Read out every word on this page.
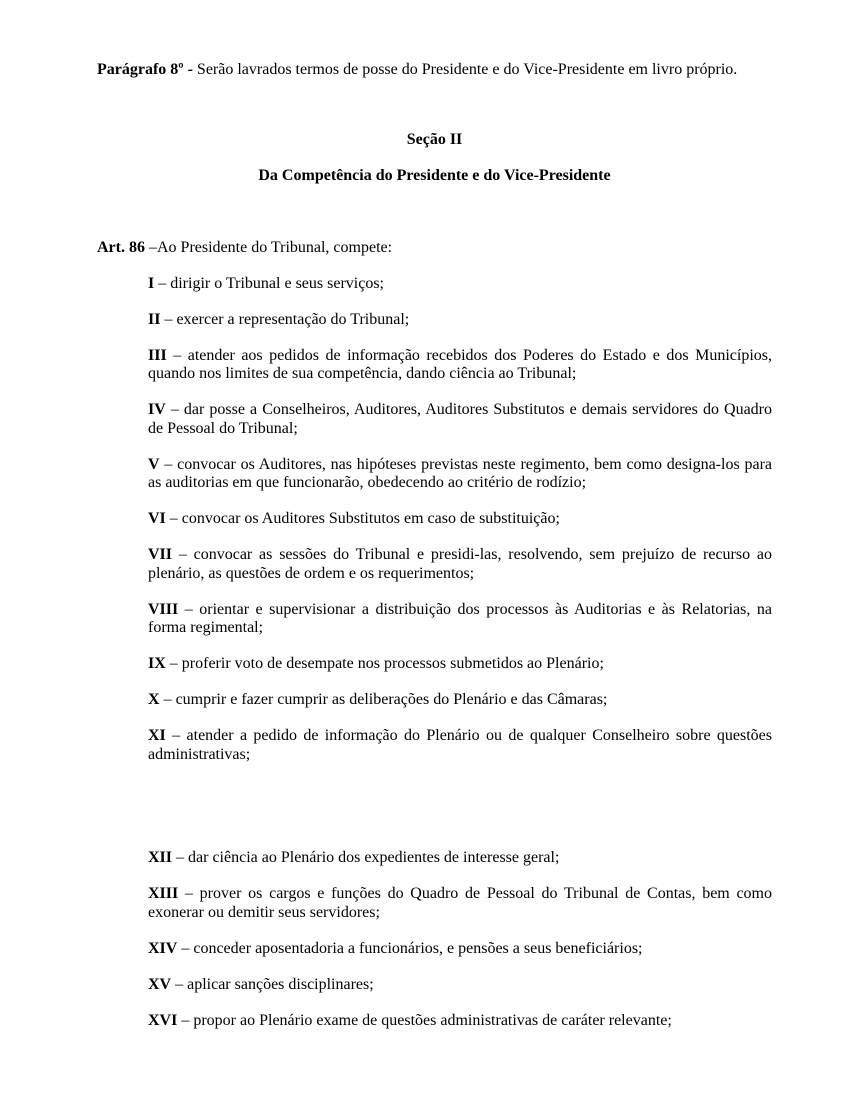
Parágrafo 8º - Serão lavrados termos de posse do Presidente e do Vice-Presidente em livro próprio.

Seção II
Da Competência do Presidente e do Vice-Presidente

Art. 86 –Ao Presidente do Tribunal, compete:

I – dirigir o Tribunal e seus serviços;

II – exercer a representação do Tribunal;

III – atender aos pedidos de informação recebidos dos Poderes do Estado e dos Municípios, quando nos limites de sua competência, dando ciência ao Tribunal;

IV – dar posse a Conselheiros, Auditores, Auditores Substitutos e demais servidores do Quadro de Pessoal do Tribunal;

V – convocar os Auditores, nas hipóteses previstas neste regimento, bem como designa-los para as auditorias em que funcionarão, obedecendo ao critério de rodízio;

VI – convocar os Auditores Substitutos em caso de substituição;

VII – convocar as sessões do Tribunal e presidi-las, resolvendo, sem prejuízo de recurso ao plenário, as questões de ordem e os requerimentos;

VIII – orientar e supervisionar a distribuição dos processos às Auditorias e às Relatorias, na forma regimental;

IX – proferir voto de desempate nos processos submetidos ao Plenário;

X – cumprir e fazer cumprir as deliberações do Plenário e das Câmaras;

XI – atender a pedido de informação do Plenário ou de qualquer Conselheiro sobre questões administrativas;

XII – dar ciência ao Plenário dos expedientes de interesse geral;

XIII – prover os cargos e funções do Quadro de Pessoal do Tribunal de Contas, bem como exonerar ou demitir seus servidores;

XIV – conceder aposentadoria a funcionários, e pensões a seus beneficiários;

XV – aplicar sanções disciplinares;

XVI – propor ao Plenário exame de questões administrativas de caráter relevante;
